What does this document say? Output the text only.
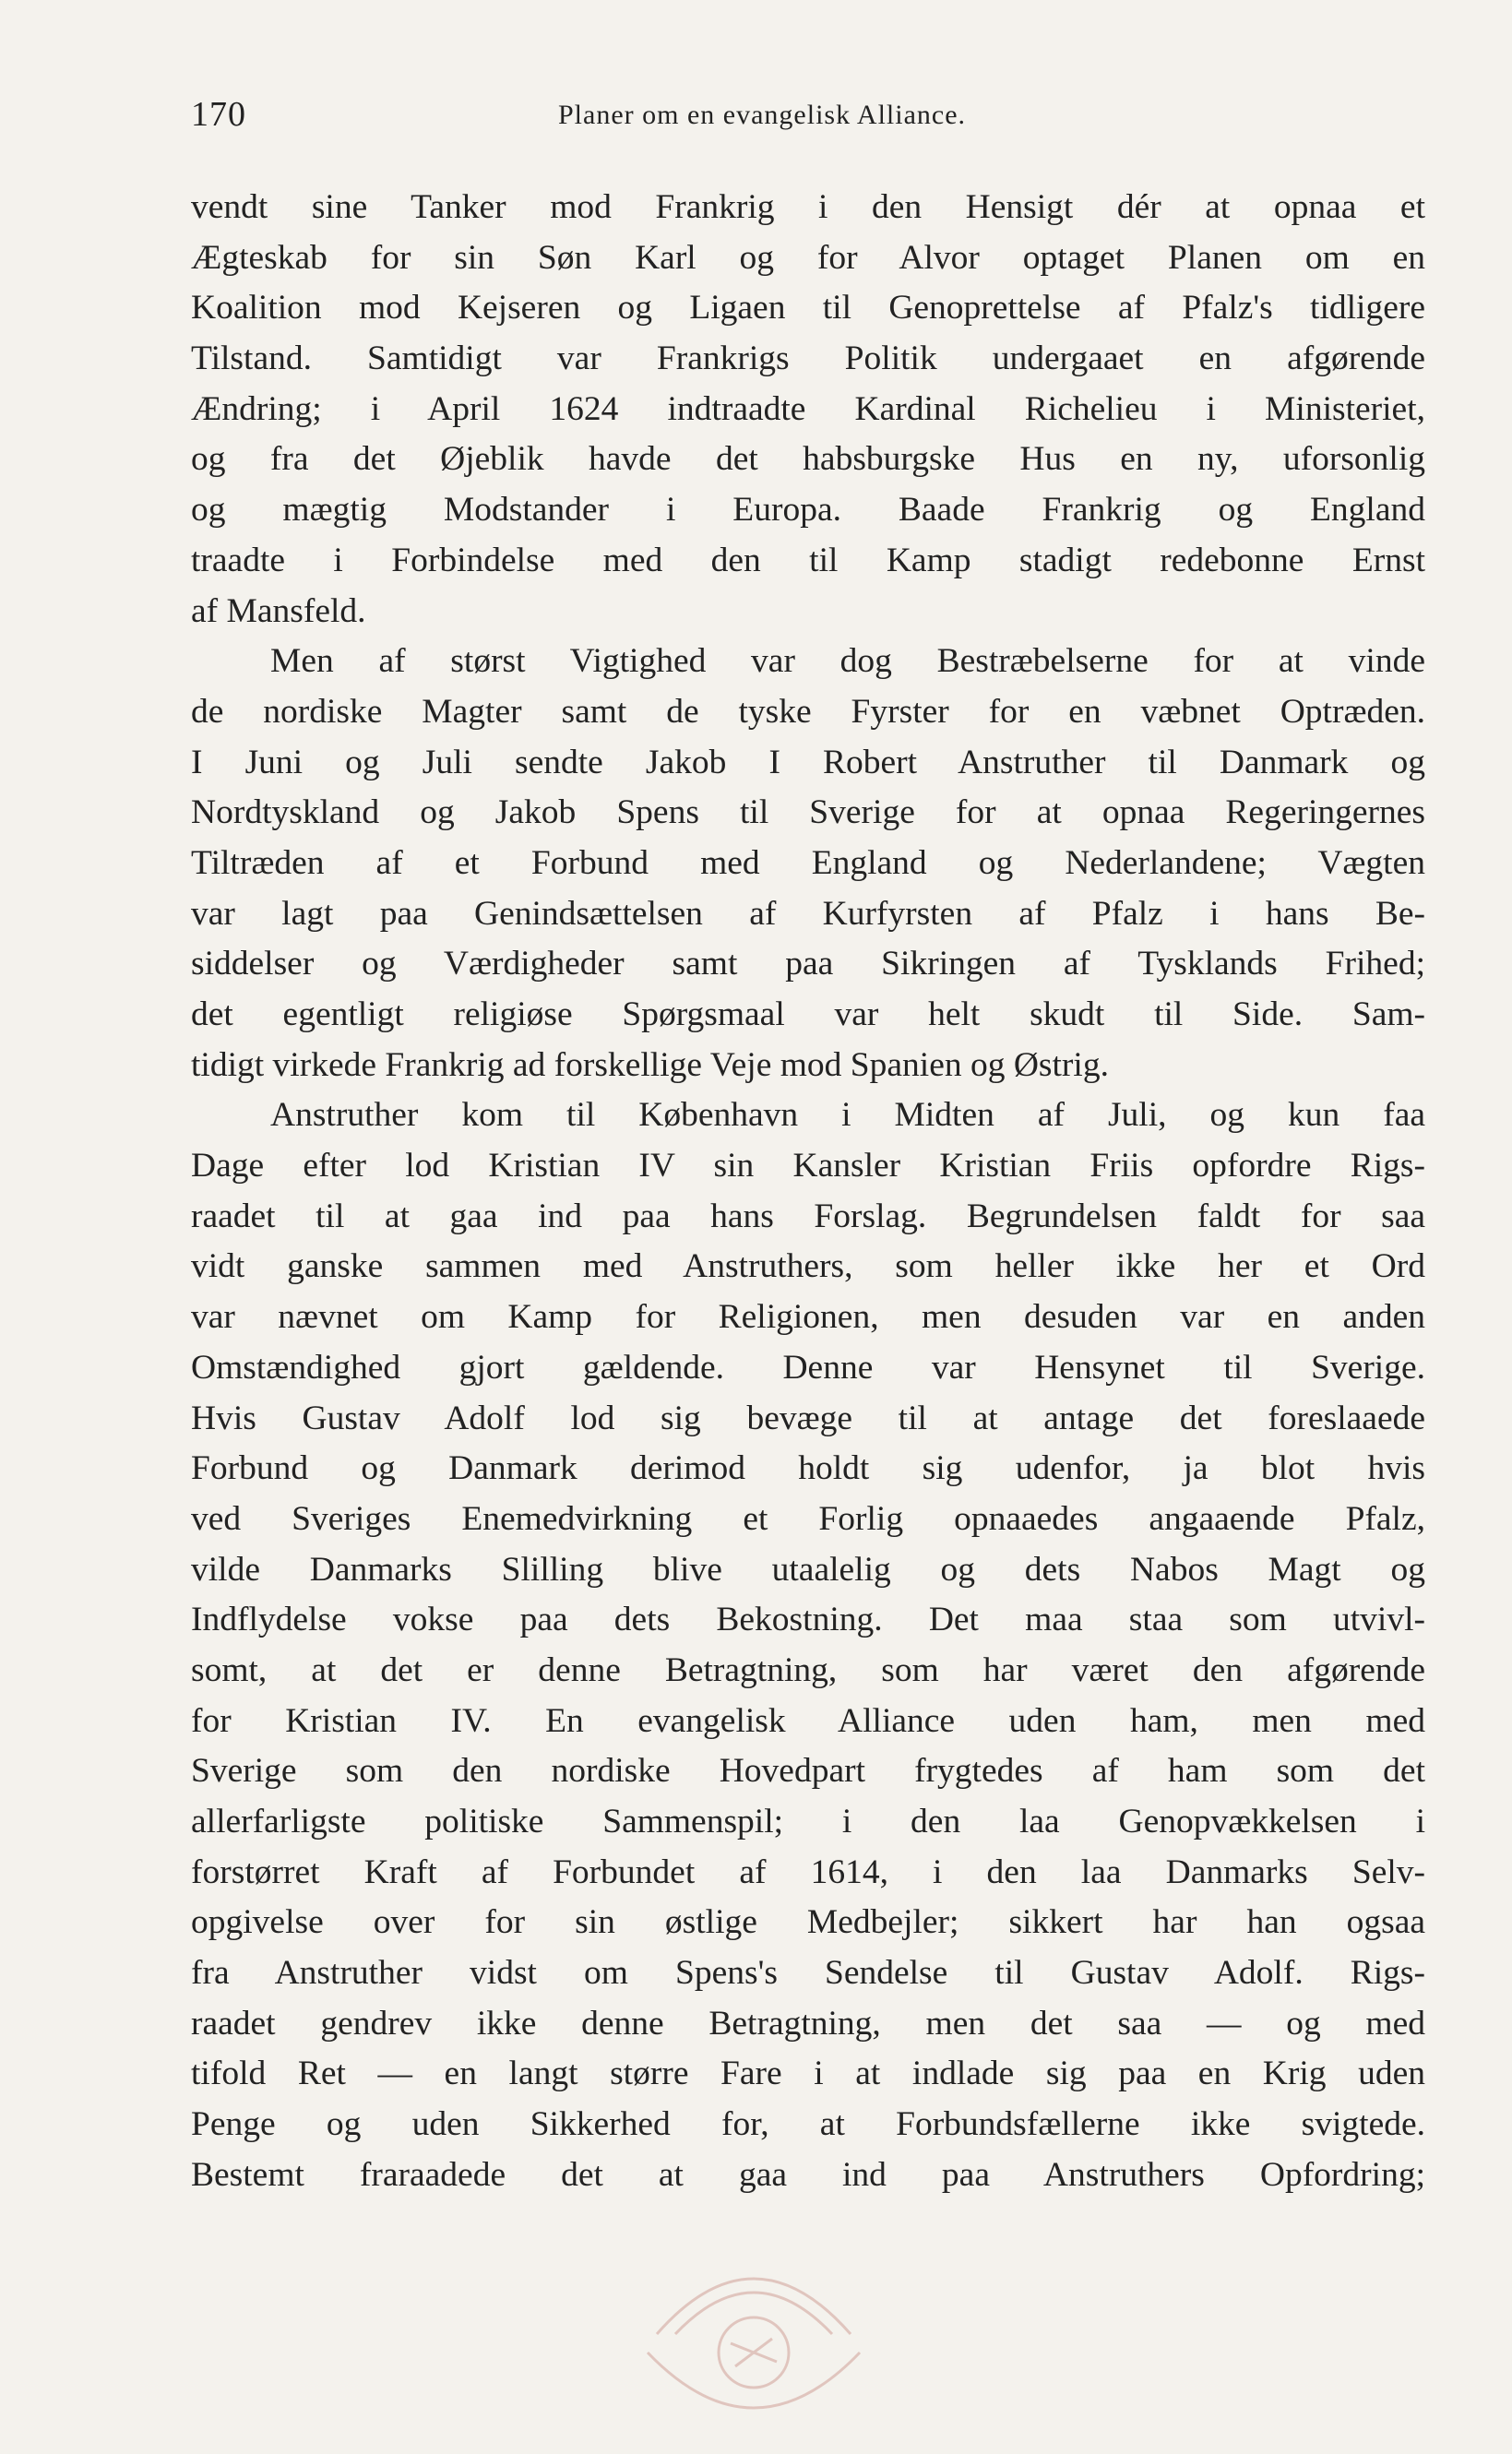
170	Planer om en evangelisk Alliance.
vendt sine Tanker mod Frankrig i den Hensigt dér at opnaa et
Ægteskab for sin Søn Karl og for Alvor optaget Planen om en
Koalition mod Kejseren og Ligaen til Genoprettelse af Pfalz's tidligere
Tilstand. Samtidigt var Frankrigs Politik undergaaet en afgørende
Ændring; i April 1624 indtraadte Kardinal Richelieu i Ministeriet,
og fra det Øjeblik havde det habsburgske Hus en ny, uforsonlig
og mægtig Modstander i Europa. Baade Frankrig og England
traadte i Forbindelse med den til Kamp stadigt redebonne Ernst
af Mansfeld.
Men af størst Vigtighed var dog Bestræbelserne for at vinde
de nordiske Magter samt de tyske Fyrster for en væbnet Optræden.
I Juni og Juli sendte Jakob I Robert Anstruther til Danmark og
Nordtyskland og Jakob Spens til Sverige for at opnaa Regeringernes
Tiltræden af et Forbund med England og Nederlandene; Vægten
var lagt paa Genindsættelsen af Kurfyrsten af Pfalz i hans Be-
siddelser og Værdigheder samt paa Sikringen af Tysklands Frihed;
det egentligt religiøse Spørgsmaal var helt skudt til Side. Sam-
tidigt virkede Frankrig ad forskellige Veje mod Spanien og Østrig.
Anstruther kom til København i Midten af Juli, og kun faa
Dage efter lod Kristian IV sin Kansler Kristian Friis opfordre Rigs-
raadet til at gaa ind paa hans Forslag. Begrundelsen faldt for saa
vidt ganske sammen med Anstruthers, som heller ikke her et Ord
var nævnet om Kamp for Religionen, men desuden var en anden
Omstændighed gjort gældende. Denne var Hensynet til Sverige.
Hvis Gustav Adolf lod sig bevæge til at antage det foreslaaede
Forbund og Danmark derimod holdt sig udenfor, ja blot hvis
ved Sveriges Enemedvirkning et Forlig opnaaedes angaaende Pfalz,
vilde Danmarks Slilling blive utaalelig og dets Nabos Magt og
Indflydelse vokse paa dets Bekostning. Det maa staa som utvivl-
somt, at det er denne Betragtning, som har været den afgørende
for Kristian IV. En evangelisk Alliance uden ham, men med
Sverige som den nordiske Hovedpart frygtedes af ham som det
allerfarligste politiske Sammenspil; i den laa Genopvækkelsen i
forstørret Kraft af Forbundet af 1614, i den laa Danmarks Selv-
opgivelse over for sin østlige Medbejler; sikkert har han ogsaa
fra Anstruther vidst om Spens's Sendelse til Gustav Adolf. Rigs-
raadet gendrev ikke denne Betragtning, men det saa — og med
tifold Ret — en langt større Fare i at indlade sig paa en Krig uden
Penge og uden Sikkerhed for, at Forbundsfællerne ikke svigtede.
Bestemt fraraadede det at gaa ind paa Anstruthers Opfordring;
